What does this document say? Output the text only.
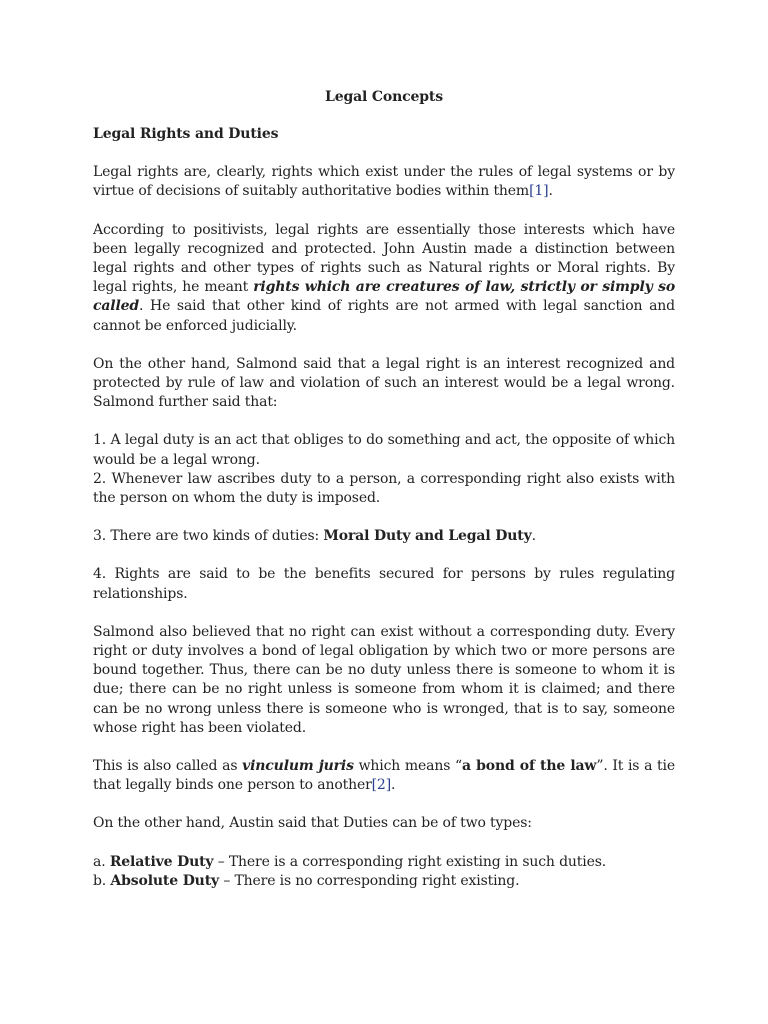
Legal Concepts
Legal Rights and Duties

Legal rights are, clearly, rights which exist under the rules of legal systems or by virtue of decisions of suitably authoritative bodies within them[1].

According to positivists, legal rights are essentially those interests which have been legally recognized and protected. John Austin made a distinction between legal rights and other types of rights such as Natural rights or Moral rights. By legal rights, he meant rights which are creatures of law, strictly or simply so called. He said that other kind of rights are not armed with legal sanction and cannot be enforced judicially.

On the other hand, Salmond said that a legal right is an interest recognized and protected by rule of law and violation of such an interest would be a legal wrong. Salmond further said that:

1. A legal duty is an act that obliges to do something and act, the opposite of which would be a legal wrong.

2. Whenever law ascribes duty to a person, a corresponding right also exists with the person on whom the duty is imposed.

3. There are two kinds of duties: Moral Duty and Legal Duty.

4. Rights are said to be the benefits secured for persons by rules regulating relationships.

Salmond also believed that no right can exist without a corresponding duty. Every right or duty involves a bond of legal obligation by which two or more persons are bound together. Thus, there can be no duty unless there is someone to whom it is due; there can be no right unless is someone from whom it is claimed; and there can be no wrong unless there is someone who is wronged, that is to say, someone whose right has been violated.

This is also called as vinculum juris which means “a bond of the law”. It is a tie that legally binds one person to another[2].

On the other hand, Austin said that Duties can be of two types:

a. Relative Duty – There is a corresponding right existing in such duties.

b. Absolute Duty – There is no corresponding right existing.
